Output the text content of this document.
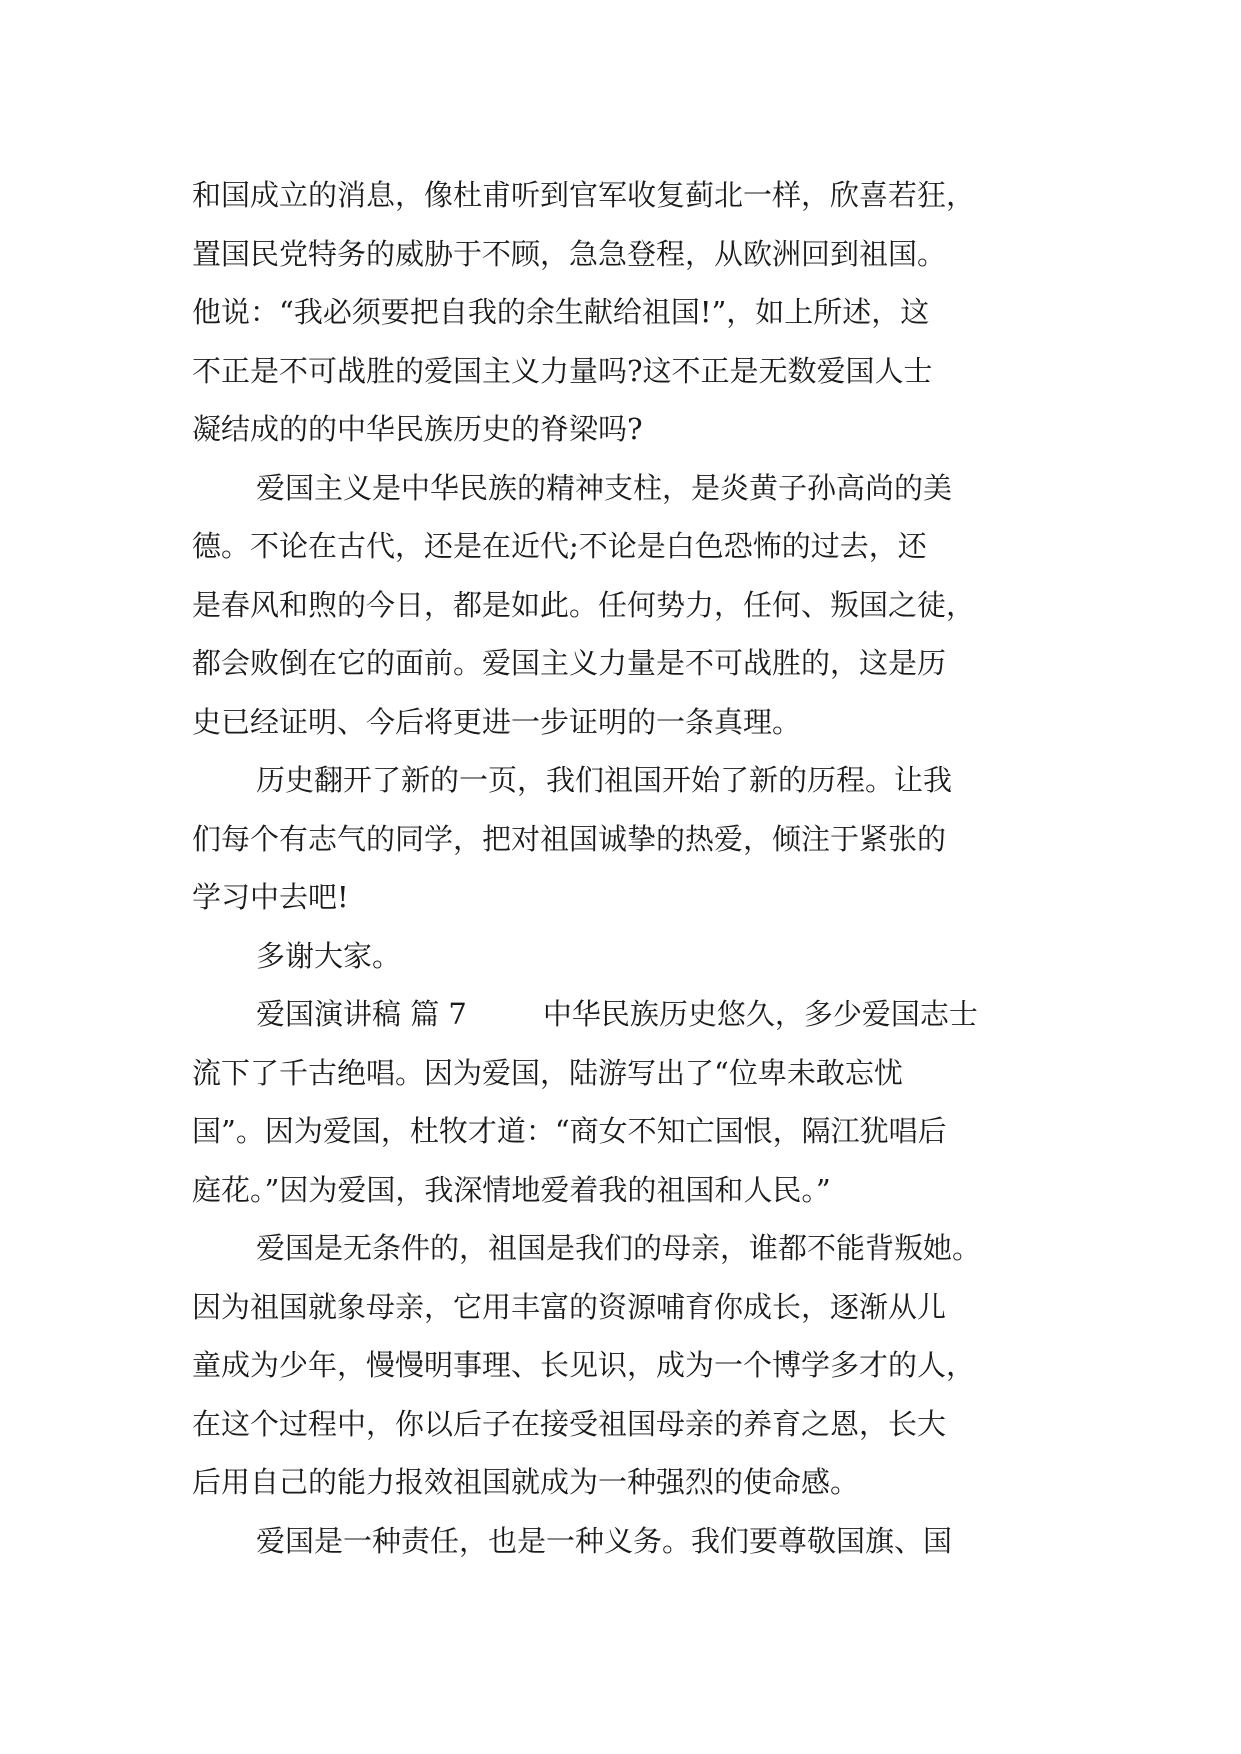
和国成立的消息，像杜甫听到官军收复蓟北一样，欣喜若狂，
置国民党特务的威胁于不顾，急急登程，从欧洲回到祖国。
他说：“我必须要把自我的余生献给祖国!”，如上所述，这
不正是不可战胜的爱国主义力量吗?这不正是无数爱国人士
凝结成的的中华民族历史的脊梁吗?
爱国主义是中华民族的精神支柱，是炎黄子孙高尚的美
德。不论在古代，还是在近代;不论是白色恐怖的过去，还
是春风和煦的今日，都是如此。任何势力，任何、叛国之徒，
都会败倒在它的面前。爱国主义力量是不可战胜的，这是历
史已经证明、今后将更进一步证明的一条真理。
历史翻开了新的一页，我们祖国开始了新的历程。让我
们每个有志气的同学，把对祖国诚挚的热爱，倾注于紧张的
学习中去吧!
多谢大家。
爱国演讲稿 篇 7	中华民族历史悠久，多少爱国志士
流下了千古绝唱。因为爱国，陆游写出了“位卑未敢忘忧
国”。因为爱国，杜牧才道：“商女不知亡国恨，隔江犹唱后
庭花。”因为爱国，我深情地爱着我的祖国和人民。”
爱国是无条件的，祖国是我们的母亲，谁都不能背叛她。
因为祖国就象母亲，它用丰富的资源哺育你成长，逐渐从儿
童成为少年，慢慢明事理、长见识，成为一个博学多才的人，
在这个过程中，你以后子在接受祖国母亲的养育之恩，长大
后用自己的能力报效祖国就成为一种强烈的使命感。
爱国是一种责任，也是一种义务。我们要尊敬国旗、国
